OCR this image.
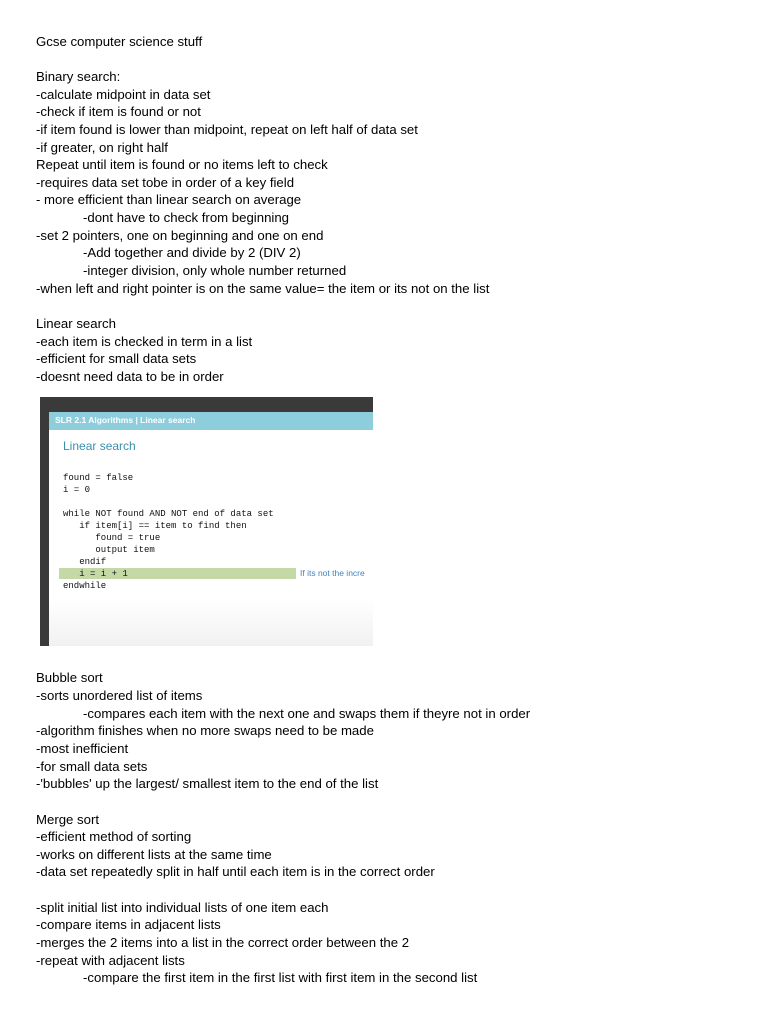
Gcse computer science stuff
Binary search:
-calculate midpoint in data set
-check if item is found or not
-if item found is lower than midpoint, repeat on left half of data set
-if greater, on right half
Repeat until item is found or no items left to check
-requires data set tobe in order of a key field
- more efficient than linear search on average
-dont have to check from beginning
-set 2 pointers, one on beginning and one on end
-Add together and divide by 2 (DIV 2)
-integer division, only whole number returned
-when left and right pointer is on the same value= the item or its not on the list
Linear search
-each item is checked in term in a list
-efficient for small data sets
-doesnt need data to be in order
SLR 2.1 Algorithms | Linear search
Linear search
found = false
i = 0
while NOT found AND NOT end of data set
if item[i] == item to find then
found = true
output item
endif
i = i + 1
endwhile
If its not the incre
Bubble sort
-sorts unordered list of items
-compares each item with the next one and swaps them if theyre not in order
-algorithm finishes when no more swaps need to be made
-most inefficient
-for small data sets
-'bubbles' up the largest/ smallest item to the end of the list
Merge sort
-efficient method of sorting
-works on different lists at the same time
-data set repeatedly split in half until each item is in the correct order
-split initial list into individual lists of one item each
-compare items in adjacent lists
-merges the 2 items into a list in the correct order between the 2
-repeat with adjacent lists
-compare the first item in the first list with first item in the second list
